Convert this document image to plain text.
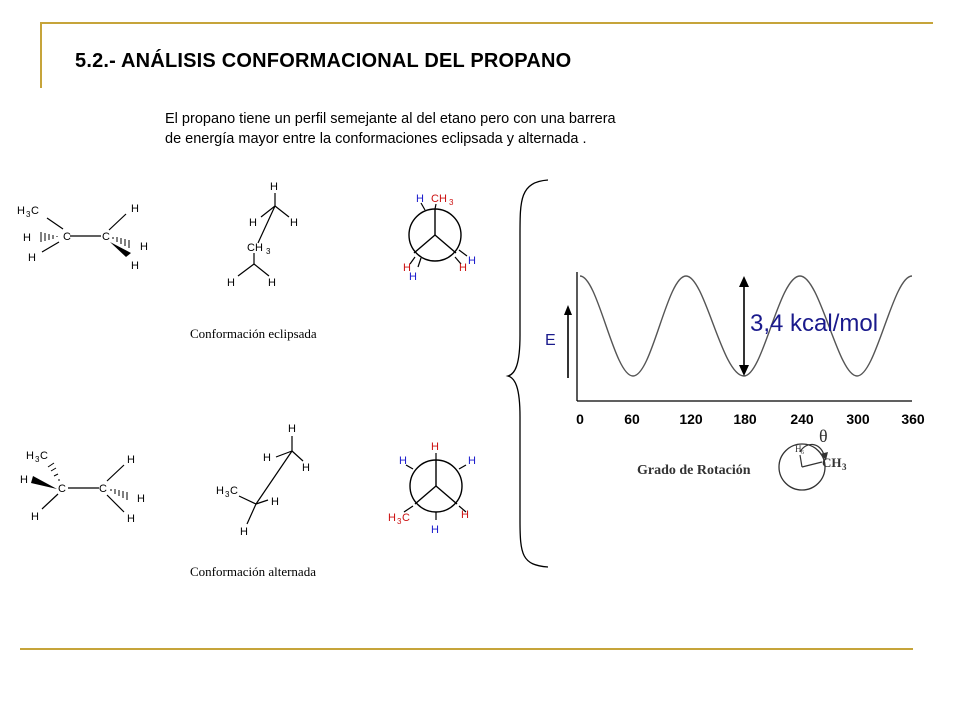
5.2.- ANÁLISIS CONFORMACIONAL DEL PROPANO
El propano tiene un perfil semejante al del etano pero con una barrera
de energía mayor entre la conformaciones eclipsada y alternada .
Conformación eclipsada
Conformación alternada
H 3 C
H
H
C	C
H
H
H
H
H	H
CH 3
H	H
H CH 3
H
H
H
H
H 3 C
H
H
C	C
H
H
H
H
H
H
H 3 C
H
H
H
H	H
H 3 C	H
H
E
3,4 kcal/mol
0	60	120 180 240 300 360
Grado de Rotación
H 6
CH 3
θ
